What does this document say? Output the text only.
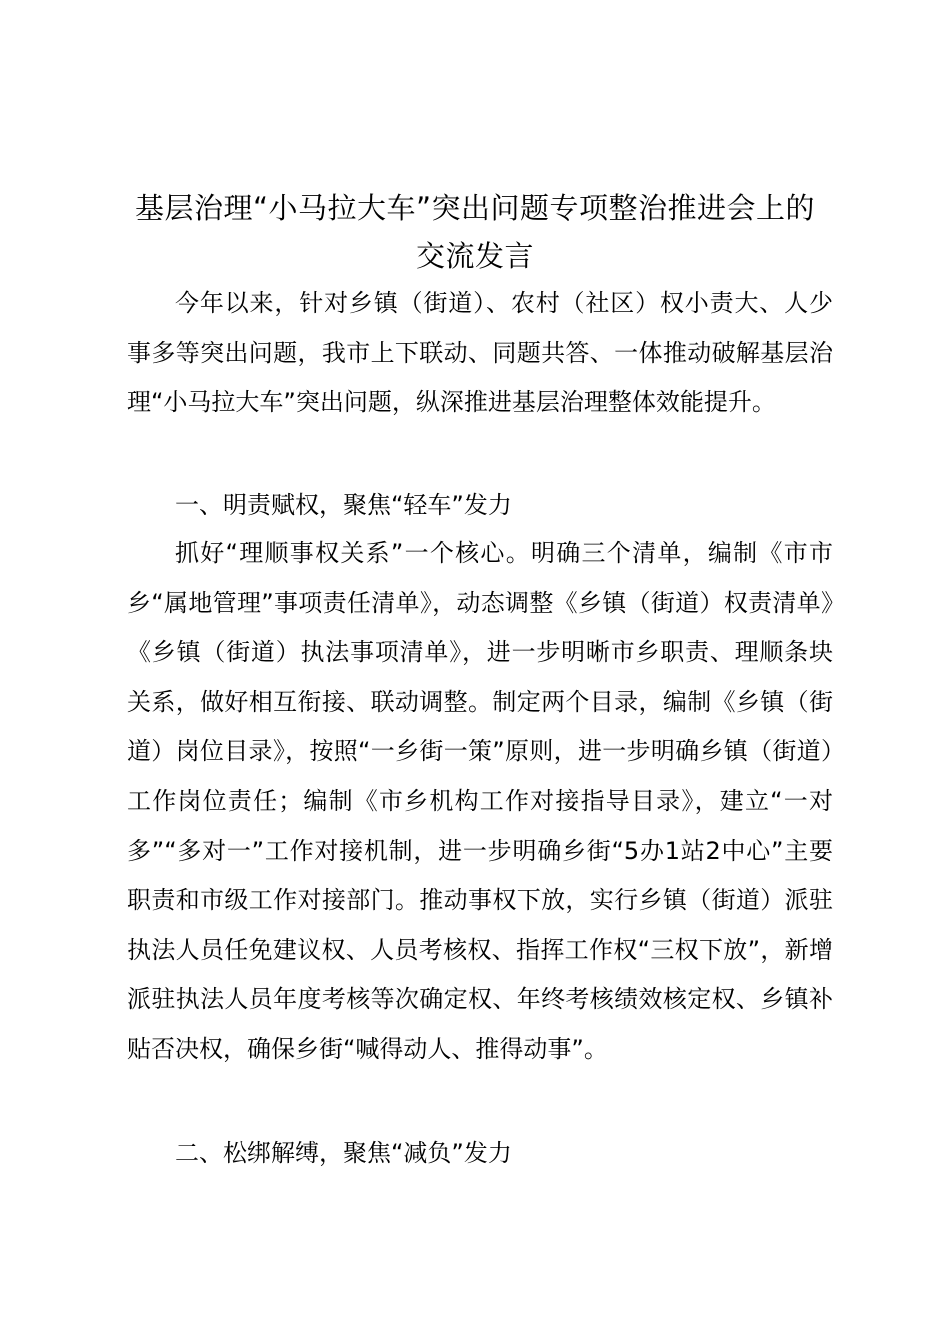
基层治理“小马拉大车”突出问题专项整治推进会上的
交流发言

今年以来，针对乡镇（街道）、农村（社区）权小责大、人少事多等突出问题，我市上下联动、同题共答、一体推动破解基层治理“小马拉大车”突出问题，纵深推进基层治理整体效能提升。

一、明责赋权，聚焦“轻车”发力

抓好“理顺事权关系”一个核心。明确三个清单，编制《市市乡“属地管理”事项责任清单》，动态调整《乡镇（街道）权责清单》《乡镇（街道）执法事项清单》，进一步明晰市乡职责、理顺条块关系，做好相互衔接、联动调整。制定两个目录，编制《乡镇（街道）岗位目录》，按照“一乡街一策”原则，进一步明确乡镇（街道）工作岗位责任；编制《市乡机构工作对接指导目录》，建立“一对多”“多对一”工作对接机制，进一步明确乡街“5办1站2中心”主要职责和市级工作对接部门。推动事权下放，实行乡镇（街道）派驻执法人员任免建议权、人员考核权、指挥工作权“三权下放”，新增派驻执法人员年度考核等次确定权、年终考核绩效核定权、乡镇补贴否决权，确保乡街“喊得动人、推得动事”。

二、松绑解缚，聚焦“减负”发力
